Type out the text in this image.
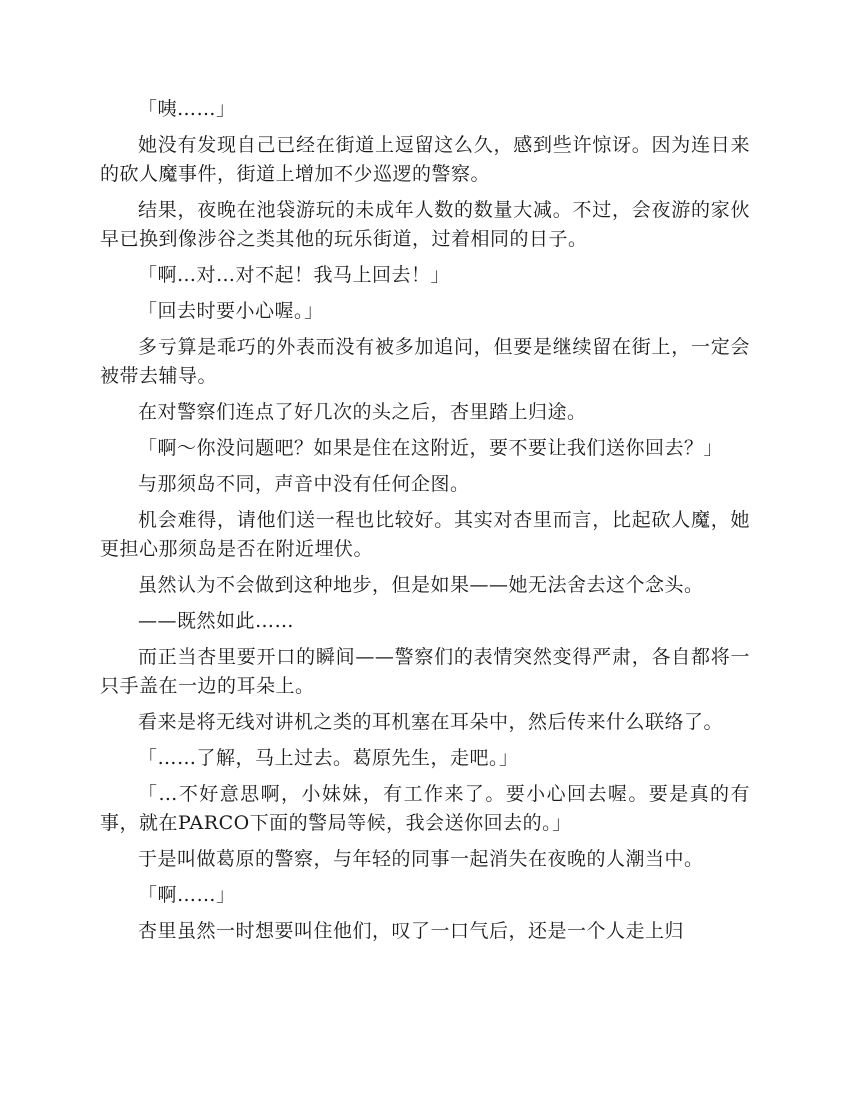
「咦……」

她没有发现自己已经在街道上逗留这么久，感到些许惊讶。因为连日来的砍人魔事件，街道上增加不少巡逻的警察。

结果，夜晚在池袋游玩的未成年人数的数量大减。不过，会夜游的家伙早已换到像涉谷之类其他的玩乐街道，过着相同的日子。

「啊…对…对不起！我马上回去！」

「回去时要小心喔。」

多亏算是乖巧的外表而没有被多加追问，但要是继续留在街上，一定会被带去辅导。

在对警察们连点了好几次的头之后，杏里踏上归途。

「啊～你没问题吧？如果是住在这附近，要不要让我们送你回去？」

与那须岛不同，声音中没有任何企图。

机会难得，请他们送一程也比较好。其实对杏里而言，比起砍人魔，她更担心那须岛是否在附近埋伏。

虽然认为不会做到这种地步，但是如果——她无法舍去这个念头。

——既然如此……

而正当杏里要开口的瞬间——警察们的表情突然变得严肃，各自都将一只手盖在一边的耳朵上。

看来是将无线对讲机之类的耳机塞在耳朵中，然后传来什么联络了。

「……了解，马上过去。葛原先生，走吧。」

「…不好意思啊，小妹妹，有工作来了。要小心回去喔。要是真的有事，就在PARCO下面的警局等候，我会送你回去的。」

于是叫做葛原的警察，与年轻的同事一起消失在夜晚的人潮当中。

「啊……」

杏里虽然一时想要叫住他们，叹了一口气后，还是一个人走上归
